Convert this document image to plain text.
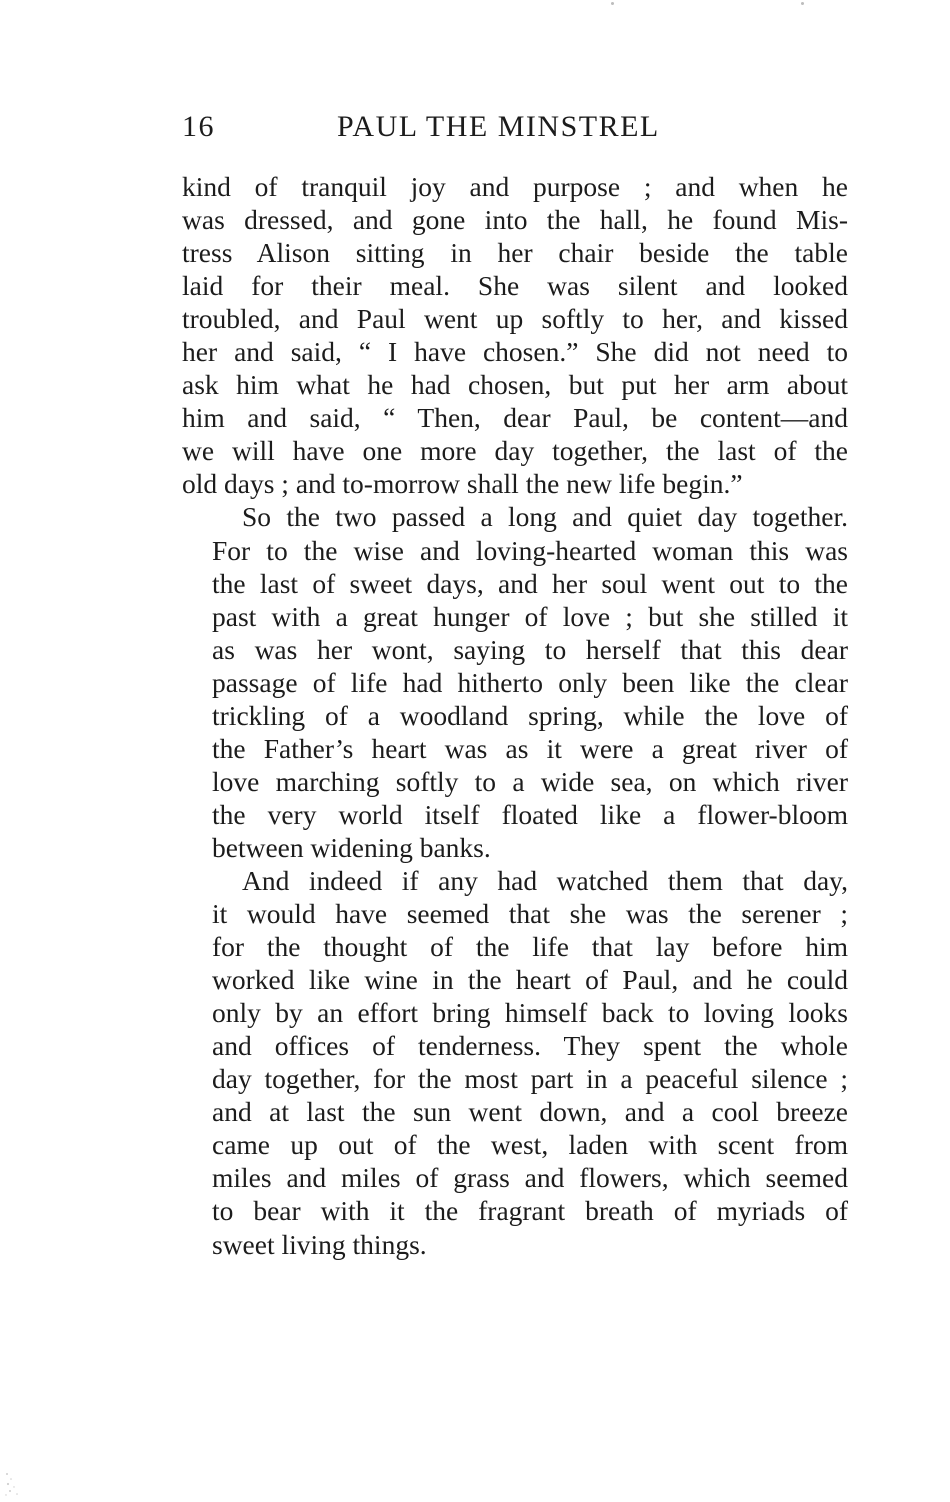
16	PAUL THE MINSTREL

kind of tranquil joy and purpose ; and when he
was dressed, and gone into the hall, he found Mis-
tress Alison sitting in her chair beside the table
laid for their meal. She was silent and looked
troubled, and Paul went up softly to her, and kissed
her and said, “ I have chosen.” She did not need to
ask him what he had chosen, but put her arm about
him and said, “ Then, dear Paul, be content—and
we will have one more day together, the last of the
old days ; and to-morrow shall the new life begin.”

So the two passed a long and quiet day together.
For to the wise and loving-hearted woman this was
the last of sweet days, and her soul went out to the
past with a great hunger of love ; but she stilled it
as was her wont, saying to herself that this dear
passage of life had hitherto only been like the clear
trickling of a woodland spring, while the love of
the Father’s heart was as it were a great river of
love marching softly to a wide sea, on which river
the very world itself floated like a flower-bloom
between widening banks.

And indeed if any had watched them that day,
it would have seemed that she was the serener ;
for the thought of the life that lay before him
worked like wine in the heart of Paul, and he could
only by an effort bring himself back to loving looks
and offices of tenderness. They spent the whole
day together, for the most part in a peaceful silence ;
and at last the sun went down, and a cool breeze
came up out of the west, laden with scent from
miles and miles of grass and flowers, which seemed
to bear with it the fragrant breath of myriads of
sweet living things.
